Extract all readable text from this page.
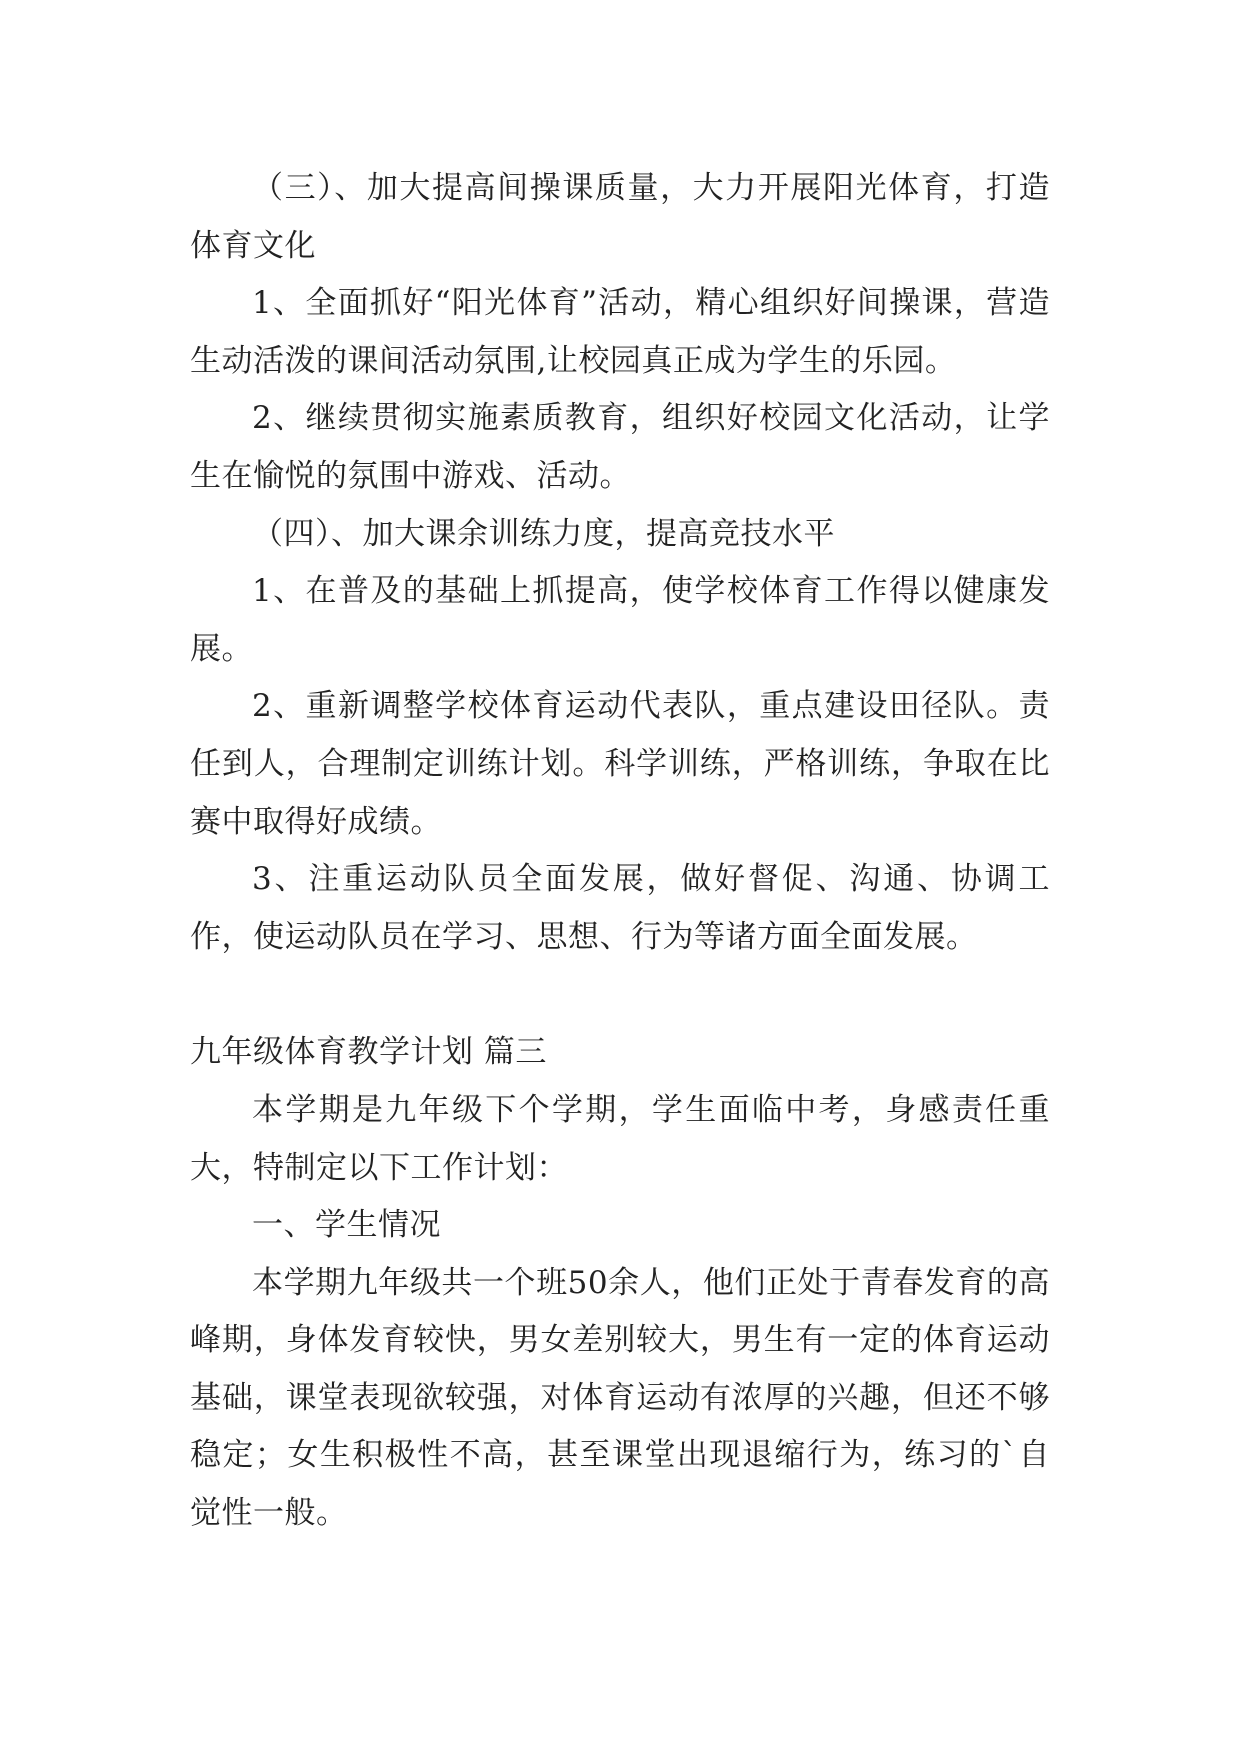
（三）、加大提高间操课质量，大力开展阳光体育，打造体育文化

1、全面抓好“阳光体育”活动，精心组织好间操课，营造生动活泼的课间活动氛围,让校园真正成为学生的乐园。

2、继续贯彻实施素质教育，组织好校园文化活动，让学生在愉悦的氛围中游戏、活动。

（四）、加大课余训练力度，提高竞技水平

1、在普及的基础上抓提高，使学校体育工作得以健康发展。

2、重新调整学校体育运动代表队，重点建设田径队。责任到人，合理制定训练计划。科学训练，严格训练，争取在比赛中取得好成绩。

3、注重运动队员全面发展，做好督促、沟通、协调工作，使运动队员在学习、思想、行为等诸方面全面发展。

九年级体育教学计划 篇三

本学期是九年级下个学期，学生面临中考，身感责任重大，特制定以下工作计划：

一、学生情况

本学期九年级共一个班50余人，他们正处于青春发育的高峰期，身体发育较快，男女差别较大，男生有一定的体育运动基础，课堂表现欲较强，对体育运动有浓厚的兴趣，但还不够稳定；女生积极性不高，甚至课堂出现退缩行为，练习的`自觉性一般。
